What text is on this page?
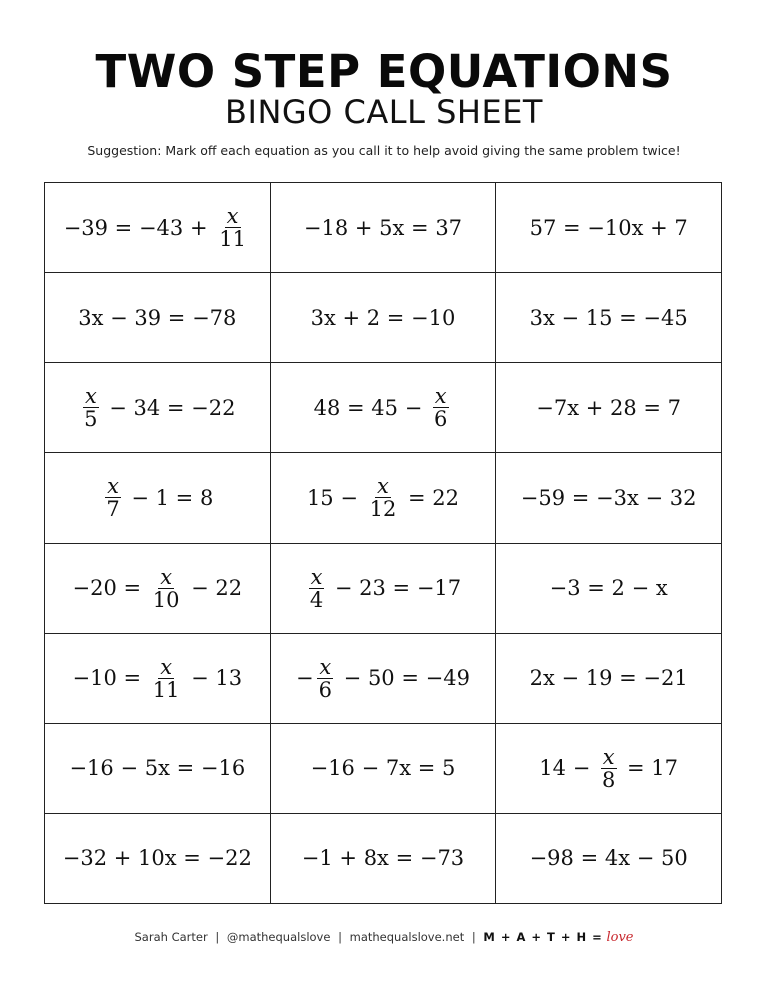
TWO STEP EQUATIONS
BINGO CALL SHEET
Suggestion: Mark off each equation as you call it to help avoid giving the same problem twice!
$-39 = -43 + \frac{x}{11}$	−18 + 5x = 37	57 = −10x + 7

3x − 39 = −78	3x + 2 = −10	3x − 15 = −45

$\frac{x}{5} - 34 = -22$	$48 = 45 - \frac{x}{6}$	−7x + 28 = 7

$\frac{x}{7} - 1 = 8$	$15 - \frac{x}{12} = 22$	−59 = −3x − 32

$-20 = \frac{x}{10} - 22$	$\frac{x}{4} - 23 = -17$	−3 = 2 − x

$-10 = \frac{x}{11} - 13$	− $\frac{x}{6} - 50 = -49$	2x − 19 = −21

−16 − 5x = −16	−16 − 7x = 5	$14 - \frac{x}{8} = 17$

−32 + 10x = −22	−1 + 8x = −73	−98 = 4x − 50
Sarah Carter | @mathequalslove | mathequalslove.net | M + A + T + H = love
